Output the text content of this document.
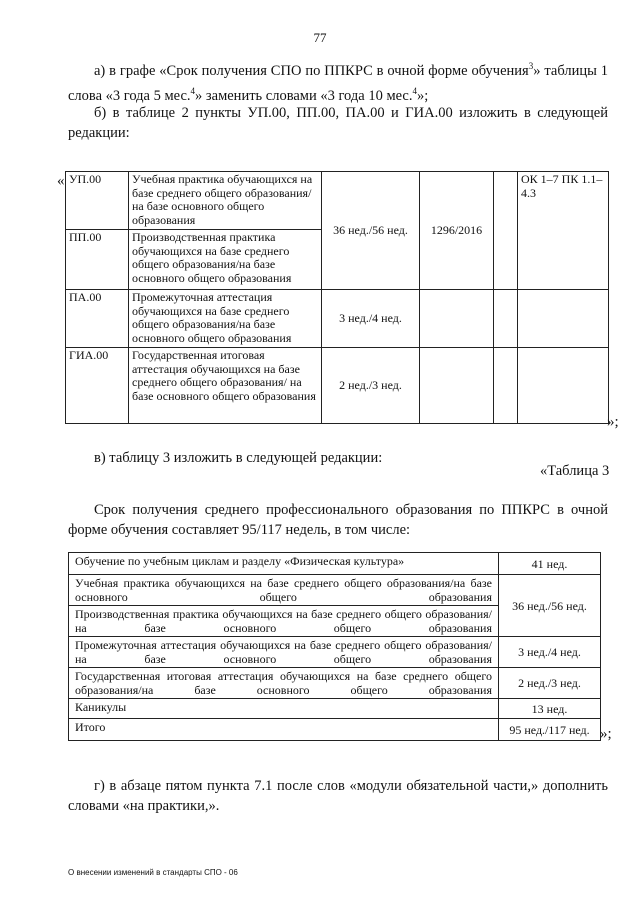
77
а) в графе «Срок получения СПО по ППКРС в очной форме обучения$^3$» таблицы 1 слова «3 года 5 мес.$^4$» заменить словами «3 года 10 мес.$^4$»;
б) в таблице 2 пункты УП.00, ПП.00, ПА.00 и ГИА.00 изложить в следующей редакции:
« УП.00	Учебная практика обучающихся на базе среднего общего образования/на базе основного общего образования	36 нед./56 нед.	1296/2016		ОК 1–7 ПК 1.1–4.3
ПП.00	Производственная практика обучающихся на базе среднего общего образования/на базе основного общего образования				
ПА.00	Промежуточная аттестация обучающихся на базе среднего общего образования/на базе основного общего образования	3 нед./4 нед.			
ГИА.00	Государственная итоговая аттестация обучающихся на базе среднего общего образования/ на базе основного общего образования	2 нед./3 нед.			
»;
в) таблицу 3 изложить в следующей редакции:
«Таблица 3
Срок получения среднего профессионального образования по ППКРС в очной форме обучения составляет 95/117 недель, в том числе:
Обучение по учебным циклам и разделу «Физическая культура»	41 нед.
Учебная практика обучающихся на базе среднего общего образования/на базе основного общего образования	36 нед./56 нед.
Производственная практика обучающихся на базе среднего общего образования/на базе основного общего образования	
Промежуточная аттестация обучающихся на базе среднего общего образования/на базе основного общего образования	3 нед./4 нед.
Государственная итоговая аттестация обучающихся на базе среднего общего образования/на базе основного общего образования	2 нед./3 нед.
Каникулы	13 нед.
Итого	95 нед./117 нед. »;
г) в абзаце пятом пункта 7.1 после слов «модули обязательной части,» дополнить словами «на практики,».
О внесении изменений в стандарты СПО - 06
